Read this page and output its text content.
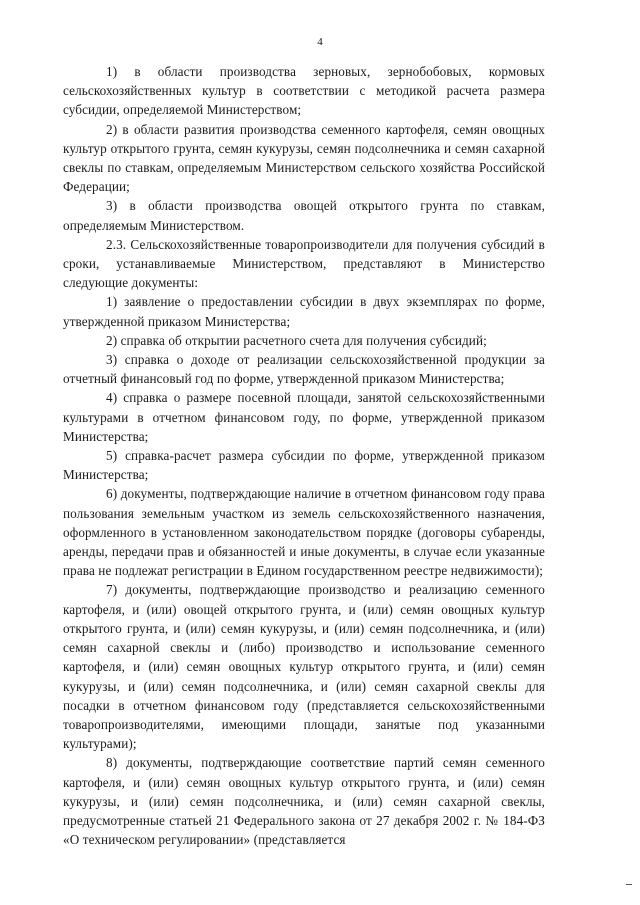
4

1) в области производства зерновых, зернобобовых, кормовых сельскохозяйственных культур в соответствии с методикой расчета размера субсидии, определяемой Министерством;

2) в области развития производства семенного картофеля, семян овощных культур открытого грунта, семян кукурузы, семян подсолнечника и семян сахарной свеклы по ставкам, определяемым Министерством сельского хозяйства Российской Федерации;

3) в области производства овощей открытого грунта по ставкам, определяемым Министерством.

2.3. Сельскохозяйственные товаропроизводители для получения субсидий в сроки, устанавливаемые Министерством, представляют в Министерство следующие документы:

1) заявление о предоставлении субсидии в двух экземплярах по форме, утвержденной приказом Министерства;

2) справка об открытии расчетного счета для получения субсидий;

3) справка о доходе от реализации сельскохозяйственной продукции за отчетный финансовый год по форме, утвержденной приказом Министерства;

4) справка о размере посевной площади, занятой сельскохозяйственными культурами в отчетном финансовом году, по форме, утвержденной приказом Министерства;

5) справка-расчет размера субсидии по форме, утвержденной приказом Министерства;

6) документы, подтверждающие наличие в отчетном финансовом году права пользования земельным участком из земель сельскохозяйственного назначения, оформленного в установленном законодательством порядке (договоры субаренды, аренды, передачи прав и обязанностей и иные документы, в случае если указанные права не подлежат регистрации в Едином государственном реестре недвижимости);

7) документы, подтверждающие производство и реализацию семенного картофеля, и (или) овощей открытого грунта, и (или) семян овощных культур открытого грунта, и (или) семян кукурузы, и (или) семян подсолнечника, и (или) семян сахарной свеклы и (либо) производство и использование семенного картофеля, и (или) семян овощных культур открытого грунта, и (или) семян кукурузы, и (или) семян подсолнечника, и (или) семян сахарной свеклы для посадки в отчетном финансовом году (представляется сельскохозяйственными товаропроизводителями, имеющими площади, занятые под указанными культурами);

8) документы, подтверждающие соответствие партий семян семенного картофеля, и (или) семян овощных культур открытого грунта, и (или) семян кукурузы, и (или) семян подсолнечника, и (или) семян сахарной свеклы, предусмотренные статьей 21 Федерального закона от 27 декабря 2002 г. № 184-ФЗ «О техническом регулировании» (представляется
